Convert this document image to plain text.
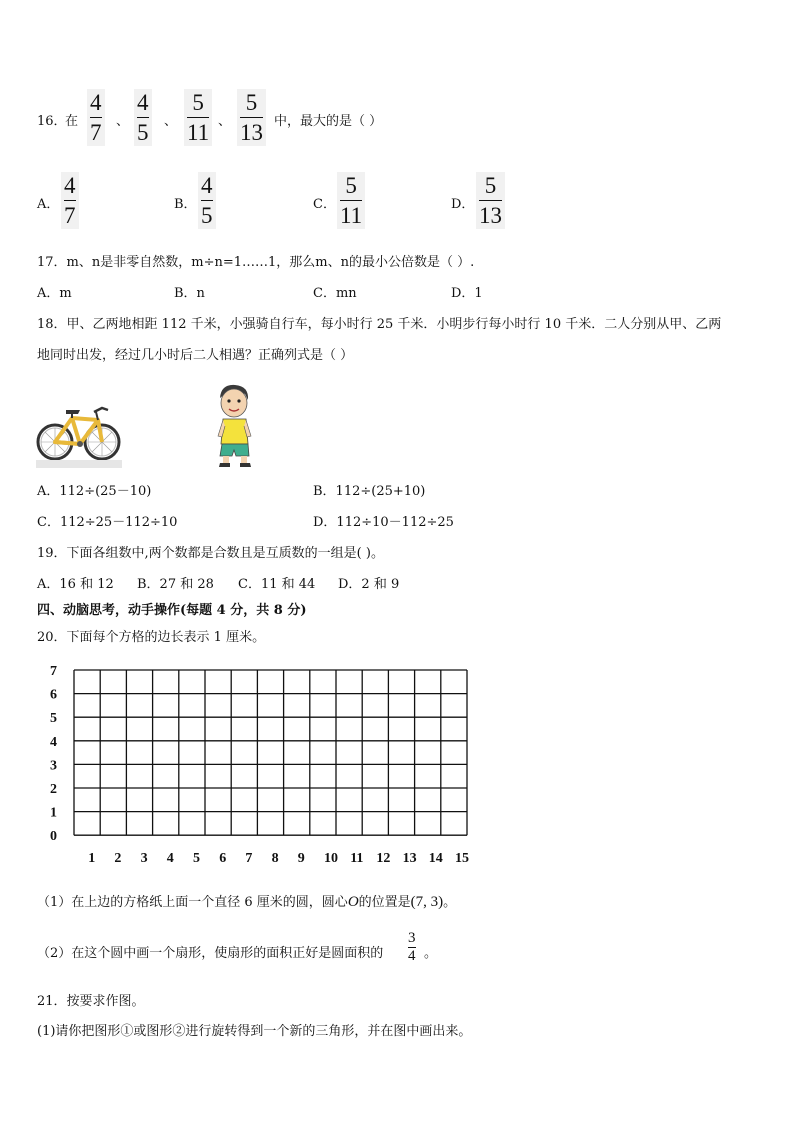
16．
在
4
7 、
4
5 、
5
11 、
5
13 中，最大的是（ ）
A．
4
7	B．
4
5	C．
5
11	D．
5
13
17．m、n是非零自然数，m÷n=1……1，那么m、n的最小公倍数是（ ）.
A．m	B．n	C．mn	D．1
18．甲、乙两地相距 112 千米，小强骑自行车，每小时行 25 千米．小明步行每小时行 10 千米．二人分别从甲、乙两
地同时出发，经过几小时后二人相遇？正确列式是（ ）
A．112÷(25－10)	B．112÷(25+10)
C．112÷25－112÷10	D．112÷10－112÷25
19．下面各组数中,两个数都是合数且是互质数的一组是( )。
A．16 和 12 B．27 和 28 C．11 和 44 D．2 和 9
四、动脑思考，动手操作(每题 4 分，共 8 分)
20．下面每个方格的边长表示 1 厘米。
0
1
2
3
4
5
6
7
1 2 3 4 5 6 7 8 9 10 11 12 13 14 15
（1）在上边的方格纸上面一个直径 6 厘米的圆，圆心O的位置是(7, 3)。
（2）在这个圆中画一个扇形，使扇形的面积正好是圆面积的
3
4 。
21．按要求作图。
(1)请你把图形①或图形②进行旋转得到一个新的三角形，并在图中画出来。
